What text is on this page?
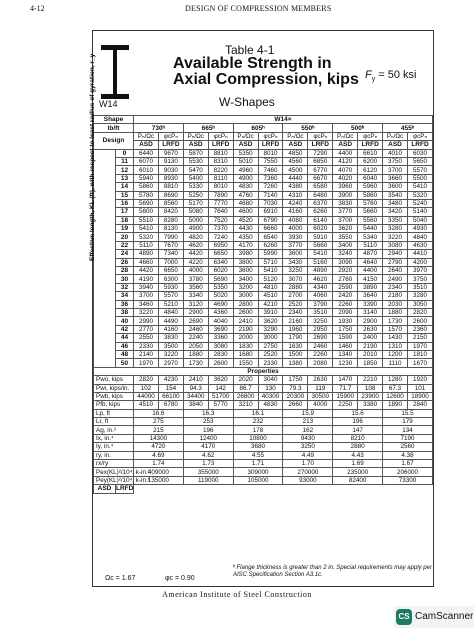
4-12	DESIGN OF COMPRESSION MEMBERS
W14
Table 4-1
Available Strength in
Axial Compression, kips $F_y = 50$ ksi
W-Shapes
Shape		W14×											
lb/ft		730ʰ		665ʰ		605ʰ		550ʰ		500ʰ		455ʰ	
Design		Pₙ/Ωc	φcPₙ	Pₙ/Ωc	φcPₙ	Pₙ/Ωc	φcPₙ	Pₙ/Ωc	φcPₙ	Pₙ/Ωc	φcPₙ	Pₙ/Ωc	φcPₙ
		ASD	LRFD	ASD	LRFD	ASD	LRFD	ASD	LRFD	ASD	LRFD	ASD	LRFD
	0	6440	9670	5870	8810	5350	8010	4850	7290	4400	6610	4010	6030
	11	6070	9130	5530	8310	5010	7550	4560	6850	4120	6200	3750	5650
	12	6010	9030	5470	8220	4960	7460	4500	6770	4070	6120	3700	5570
	13	5940	8930	5400	8110	4900	7360	4440	6670	4020	6040	3660	5500
	14	5860	8810	5330	8010	4830	7260	4380	6580	3960	5960	3600	5410
	15	5780	8690	5250	7890	4760	7140	4310	6480	3900	5860	3540	5320
	16	5690	8560	5170	7770	4680	7030	4240	6370	3830	5760	3480	5240
	17	5600	8420	5080	7640	4600	6910	4160	6260	3770	5660	3420	5140
	18	5510	8280	5000	7520	4520	6790	4080	6140	3700	5560	3350	5040
	19	5410	8130	4900	7370	4430	6660	4000	6020	3620	5440	3280	4930
	20	5320	7990	4820	7240	4350	6540	3930	5910	3550	5340	3220	4840
	22	5110	7670	4620	6950	4170	6260	3770	5660	3400	5110	3080	4630
	24	4890	7340	4420	6650	3980	5990	3600	5410	3240	4870	2940	4410
	26	4660	7000	4220	6340	3800	5710	3430	5160	3090	4640	2790	4200
	28	4420	6650	4000	6020	3600	5410	3250	4890	2920	4400	2640	3970
	30	4190	6300	3780	5690	3400	5120	3070	4620	2760	4150	2490	3750
	32	3940	5930	3560	5350	3200	4810	2880	4340	2590	3890	2340	3510
	34	3700	5570	3340	5020	3000	4510	2700	4060	2420	3640	2180	3280
	36	3460	5210	3120	4690	2800	4210	2520	3790	2260	3390	2030	3050
	38	3220	4840	2900	4360	2600	3910	2340	3510	2090	3140	1880	2820
	40	2990	4490	2690	4040	2410	3620	2160	3250	1930	2900	1730	2600
	42	2770	4160	2460	3690	2190	3290	1960	2950	1750	2630	1570	2360
	44	2550	3830	2240	3360	2000	3000	1790	2690	1590	2400	1430	2150
	46	2330	3500	2050	3080	1830	2750	1630	2460	1460	2190	1310	1970
	48	2140	3220	1880	2830	1680	2520	1500	2260	1340	2010	1200	1810
	50	1970	2970	1730	2600	1550	2330	1380	2080	1230	1850	1110	1670
Properties													
Pwo, kips		2820	4230	2410	3620	2020	3040	1750	2630	1470	2210	1280	1920
Pwi, kips/in.		102	154	94.3	142	86.7	130	79.3	119	71.7	108	67.3	101
Pwb, kips		44000	66100	34400	51700	26800	40300	20300	30500	15900	23900	12600	18900
Pfb, kips		4510	6780	3840	5770	3210	4830	2660	4000	2250	3380	1890	2840
Lp, ft		16.6		16.3		16.1		15.9		15.6		15.5	
Lr, ft		275		253		232		213		196		179	
Ag, in.²		215		196		178		162		147		134	
Ix, in.⁴		14300		12400		10800		9430		8210		7190	
Iy, in.⁴		4720		4170		3680		3250		2880		2560	
ry, in.		4.69		4.62		4.55		4.49		4.43		4.38	
rx/ry		1.74		1.73		1.71		1.70		1.69		1.67	
Pex(KL)²/10⁴, k-in.²		409000		355000		309000		270000		235000		206000	
Pey(KL)²/10⁴, k-in.²		135000		119000		105000		93000		82400		73300	
ASD	LRFD												
Effective length, KL (ft), with respect to least radius of gyration, r_y
ʰ Flange thickness is greater than 2 in. Special requirements may apply per AISC Specification Section A3.1c.
Ωc = 1.67	φc = 0.90
American Institute of Steel Construction
CS CamScanner
